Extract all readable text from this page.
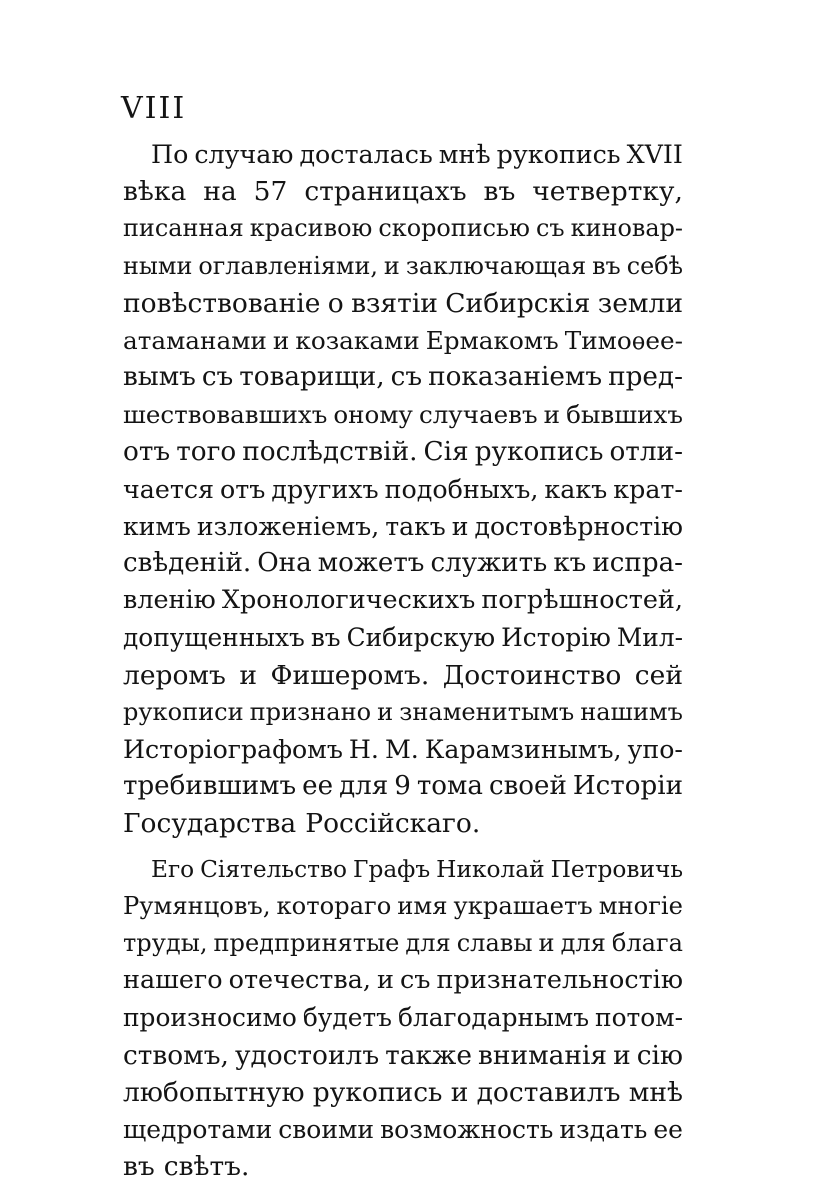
VIII
По случаю досталась мнѣ рукопись XVII
вѣка на 57 страницахъ въ четвертку,
писанная красивою скорописью съ киновар-
ными оглавленіями, и заключающая въ себѣ
повѣствованіе о взятіи Сибирскія земли
атаманами и козаками Ермакомъ Тимоѳее-
вымъ съ товарищи, съ показаніемъ пред-
шествовавшихъ оному случаевъ и бывшихъ
отъ того послѣдствій. Сія рукопись отли-
чается отъ другихъ подобныхъ, какъ крат-
кимъ изложеніемъ, такъ и достовѣрностію
свѣденій. Она можетъ служить къ испра-
вленію Хронологическихъ погрѣшностей,
допущенныхъ въ Сибирскую Исторію Мил-
леромъ и Фишеромъ. Достоинство сей
рукописи признано и знаменитымъ нашимъ
Исторіографомъ Н. М. Карамзинымъ, упо-
требившимъ ее для 9 тома своей Исторіи
Государства Россійскаго.
Его Сіятельство Графъ Николай Петровичь
Румянцовъ, котораго имя украшаетъ многіе
труды, предпринятые для славы и для блага
нашего отечества, и съ признательностію
произносимо будетъ благодарнымъ потом-
ствомъ, удостоилъ также вниманія и сію
любопытную рукопись и доставилъ мнѣ
щедротами своими возможность издать ее
въ свѣтъ.
